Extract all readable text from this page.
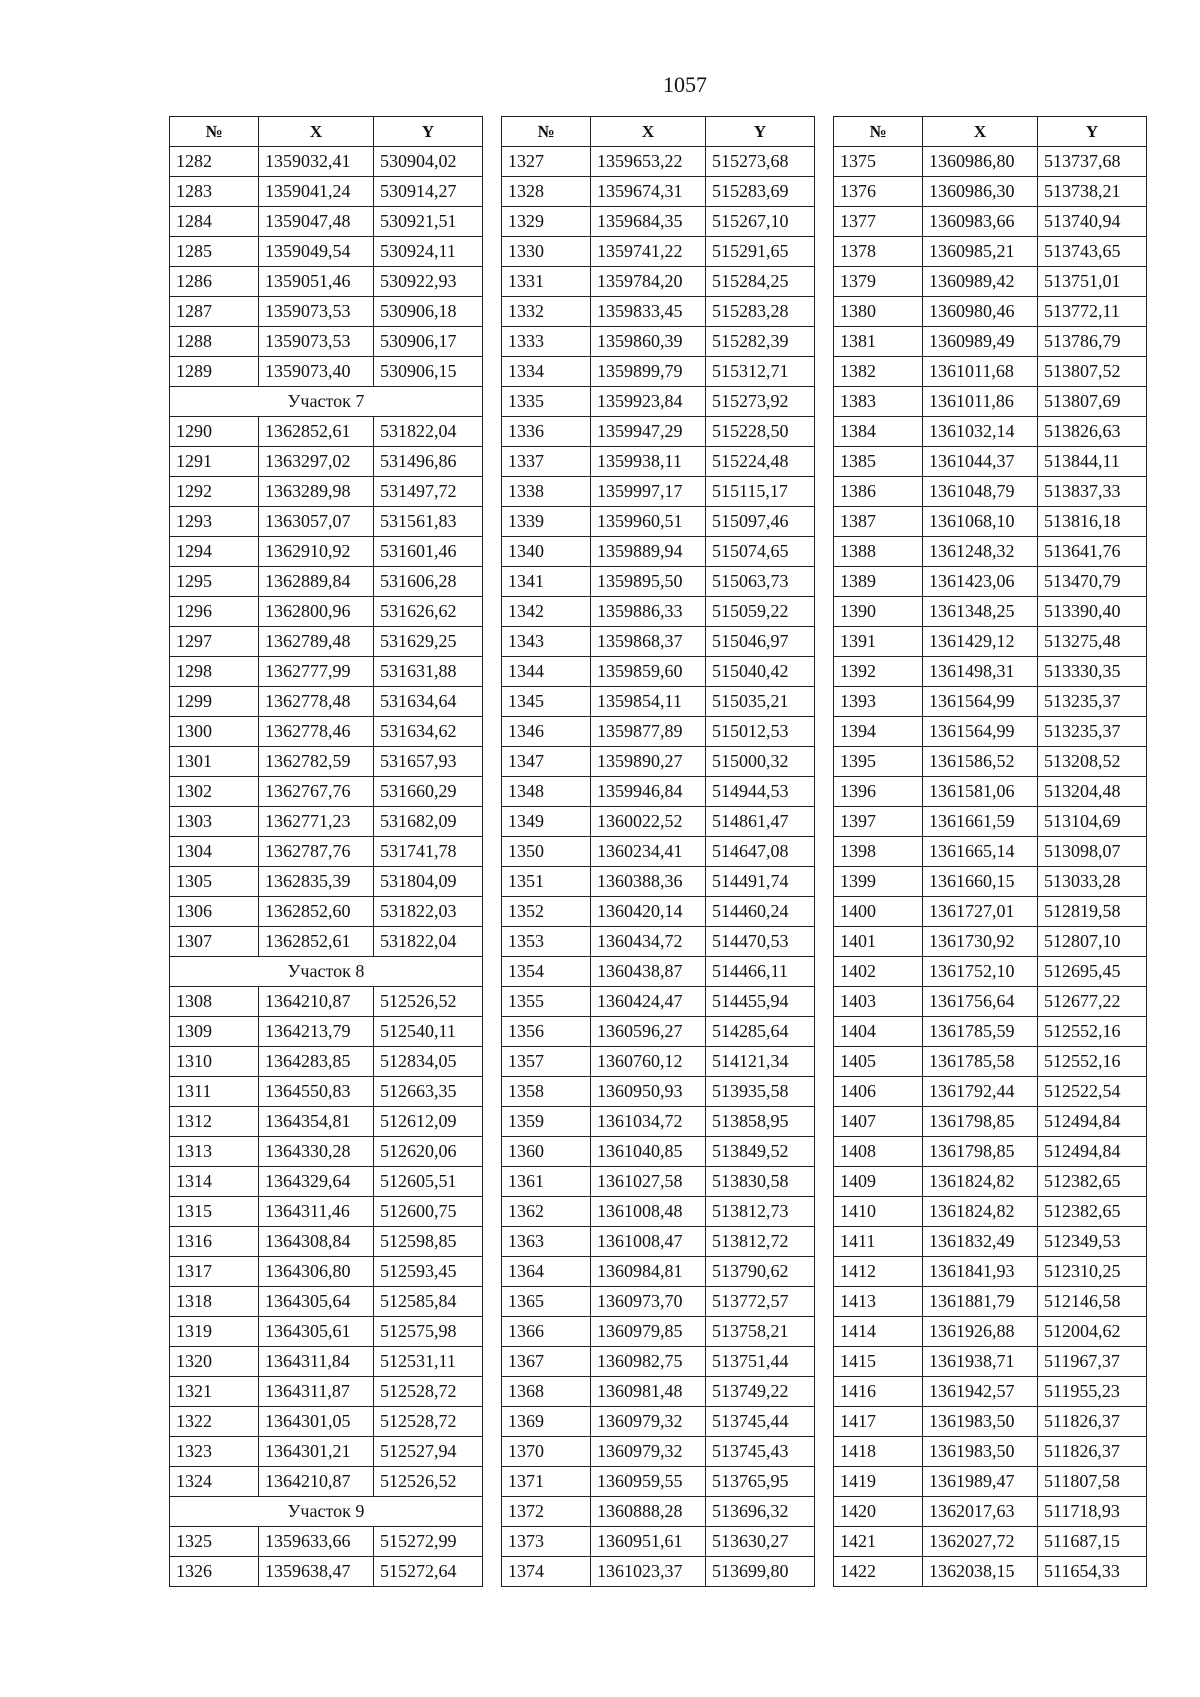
1057
№	X	Y
1282	1359032,41	530904,02
1283	1359041,24	530914,27
1284	1359047,48	530921,51
1285	1359049,54	530924,11
1286	1359051,46	530922,93
1287	1359073,53	530906,18
1288	1359073,53	530906,17
1289	1359073,40	530906,15
Участок 7		
1290	1362852,61	531822,04
1291	1363297,02	531496,86
1292	1363289,98	531497,72
1293	1363057,07	531561,83
1294	1362910,92	531601,46
1295	1362889,84	531606,28
1296	1362800,96	531626,62
1297	1362789,48	531629,25
1298	1362777,99	531631,88
1299	1362778,48	531634,64
1300	1362778,46	531634,62
1301	1362782,59	531657,93
1302	1362767,76	531660,29
1303	1362771,23	531682,09
1304	1362787,76	531741,78
1305	1362835,39	531804,09
1306	1362852,60	531822,03
1307	1362852,61	531822,04
Участок 8		
1308	1364210,87	512526,52
1309	1364213,79	512540,11
1310	1364283,85	512834,05
1311	1364550,83	512663,35
1312	1364354,81	512612,09
1313	1364330,28	512620,06
1314	1364329,64	512605,51
1315	1364311,46	512600,75
1316	1364308,84	512598,85
1317	1364306,80	512593,45
1318	1364305,64	512585,84
1319	1364305,61	512575,98
1320	1364311,84	512531,11
1321	1364311,87	512528,72
1322	1364301,05	512528,72
1323	1364301,21	512527,94
1324	1364210,87	512526,52
Участок 9		
1325	1359633,66	515272,99
1326	1359638,47	515272,64
№	X	Y
1327	1359653,22	515273,68
1328	1359674,31	515283,69
1329	1359684,35	515267,10
1330	1359741,22	515291,65
1331	1359784,20	515284,25
1332	1359833,45	515283,28
1333	1359860,39	515282,39
1334	1359899,79	515312,71
1335	1359923,84	515273,92
1336	1359947,29	515228,50
1337	1359938,11	515224,48
1338	1359997,17	515115,17
1339	1359960,51	515097,46
1340	1359889,94	515074,65
1341	1359895,50	515063,73
1342	1359886,33	515059,22
1343	1359868,37	515046,97
1344	1359859,60	515040,42
1345	1359854,11	515035,21
1346	1359877,89	515012,53
1347	1359890,27	515000,32
1348	1359946,84	514944,53
1349	1360022,52	514861,47
1350	1360234,41	514647,08
1351	1360388,36	514491,74
1352	1360420,14	514460,24
1353	1360434,72	514470,53
1354	1360438,87	514466,11
1355	1360424,47	514455,94
1356	1360596,27	514285,64
1357	1360760,12	514121,34
1358	1360950,93	513935,58
1359	1361034,72	513858,95
1360	1361040,85	513849,52
1361	1361027,58	513830,58
1362	1361008,48	513812,73
1363	1361008,47	513812,72
1364	1360984,81	513790,62
1365	1360973,70	513772,57
1366	1360979,85	513758,21
1367	1360982,75	513751,44
1368	1360981,48	513749,22
1369	1360979,32	513745,44
1370	1360979,32	513745,43
1371	1360959,55	513765,95
1372	1360888,28	513696,32
1373	1360951,61	513630,27
1374	1361023,37	513699,80
№	X	Y
1375	1360986,80	513737,68
1376	1360986,30	513738,21
1377	1360983,66	513740,94
1378	1360985,21	513743,65
1379	1360989,42	513751,01
1380	1360980,46	513772,11
1381	1360989,49	513786,79
1382	1361011,68	513807,52
1383	1361011,86	513807,69
1384	1361032,14	513826,63
1385	1361044,37	513844,11
1386	1361048,79	513837,33
1387	1361068,10	513816,18
1388	1361248,32	513641,76
1389	1361423,06	513470,79
1390	1361348,25	513390,40
1391	1361429,12	513275,48
1392	1361498,31	513330,35
1393	1361564,99	513235,37
1394	1361564,99	513235,37
1395	1361586,52	513208,52
1396	1361581,06	513204,48
1397	1361661,59	513104,69
1398	1361665,14	513098,07
1399	1361660,15	513033,28
1400	1361727,01	512819,58
1401	1361730,92	512807,10
1402	1361752,10	512695,45
1403	1361756,64	512677,22
1404	1361785,59	512552,16
1405	1361785,58	512552,16
1406	1361792,44	512522,54
1407	1361798,85	512494,84
1408	1361798,85	512494,84
1409	1361824,82	512382,65
1410	1361824,82	512382,65
1411	1361832,49	512349,53
1412	1361841,93	512310,25
1413	1361881,79	512146,58
1414	1361926,88	512004,62
1415	1361938,71	511967,37
1416	1361942,57	511955,23
1417	1361983,50	511826,37
1418	1361983,50	511826,37
1419	1361989,47	511807,58
1420	1362017,63	511718,93
1421	1362027,72	511687,15
1422	1362038,15	511654,33
